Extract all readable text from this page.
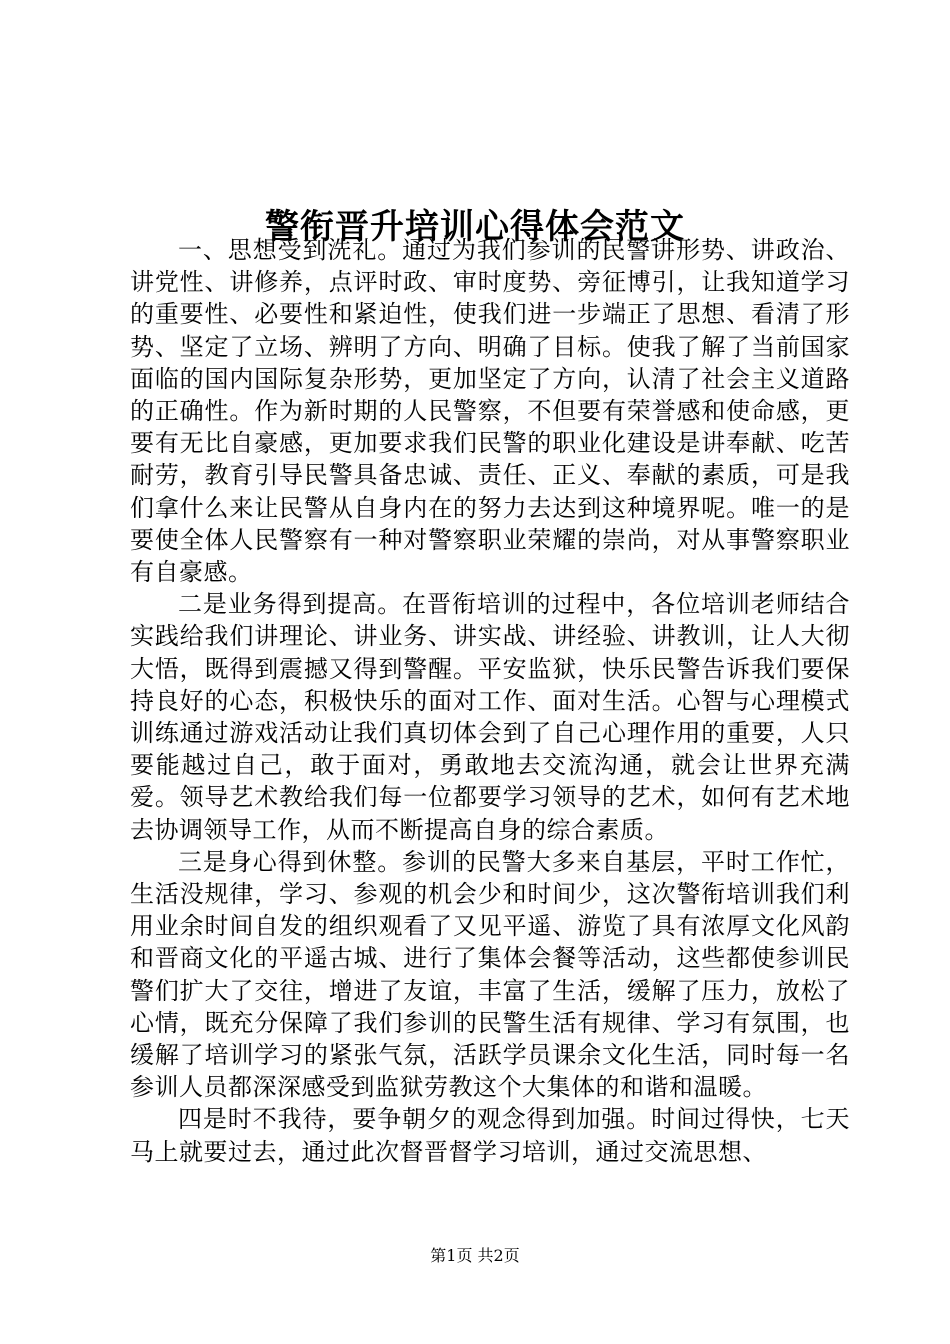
警衔晋升培训心得体会范文

一、思想受到洗礼。通过为我们参训的民警讲形势、讲政治、讲党性、讲修养，点评时政、审时度势、旁征博引，让我知道学习的重要性、必要性和紧迫性，使我们进一步端正了思想、看清了形势、坚定了立场、辨明了方向、明确了目标。使我了解了当前国家面临的国内国际复杂形势，更加坚定了方向，认清了社会主义道路的正确性。作为新时期的人民警察，不但要有荣誉感和使命感，更要有无比自豪感，更加要求我们民警的职业化建设是讲奉献、吃苦耐劳，教育引导民警具备忠诚、责任、正义、奉献的素质，可是我们拿什么来让民警从自身内在的努力去达到这种境界呢。唯一的是要使全体人民警察有一种对警察职业荣耀的崇尚，对从事警察职业有自豪感。

二是业务得到提高。在晋衔培训的过程中，各位培训老师结合实践给我们讲理论、讲业务、讲实战、讲经验、讲教训，让人大彻大悟，既得到震撼又得到警醒。平安监狱，快乐民警告诉我们要保持良好的心态，积极快乐的面对工作、面对生活。心智与心理模式训练通过游戏活动让我们真切体会到了自己心理作用的重要，人只要能越过自己，敢于面对，勇敢地去交流沟通，就会让世界充满爱。领导艺术教给我们每一位都要学习领导的艺术，如何有艺术地去协调领导工作，从而不断提高自身的综合素质。

三是身心得到休整。参训的民警大多来自基层，平时工作忙，生活没规律，学习、参观的机会少和时间少，这次警衔培训我们利用业余时间自发的组织观看了又见平遥、游览了具有浓厚文化风韵和晋商文化的平遥古城、进行了集体会餐等活动，这些都使参训民警们扩大了交往，增进了友谊，丰富了生活，缓解了压力，放松了心情，既充分保障了我们参训的民警生活有规律、学习有氛围，也缓解了培训学习的紧张气氛，活跃学员课余文化生活，同时每一名参训人员都深深感受到监狱劳教这个大集体的和谐和温暖。

四是时不我待，要争朝夕的观念得到加强。时间过得快，七天马上就要过去，通过此次督晋督学习培训，通过交流思想、

第1页 共2页
